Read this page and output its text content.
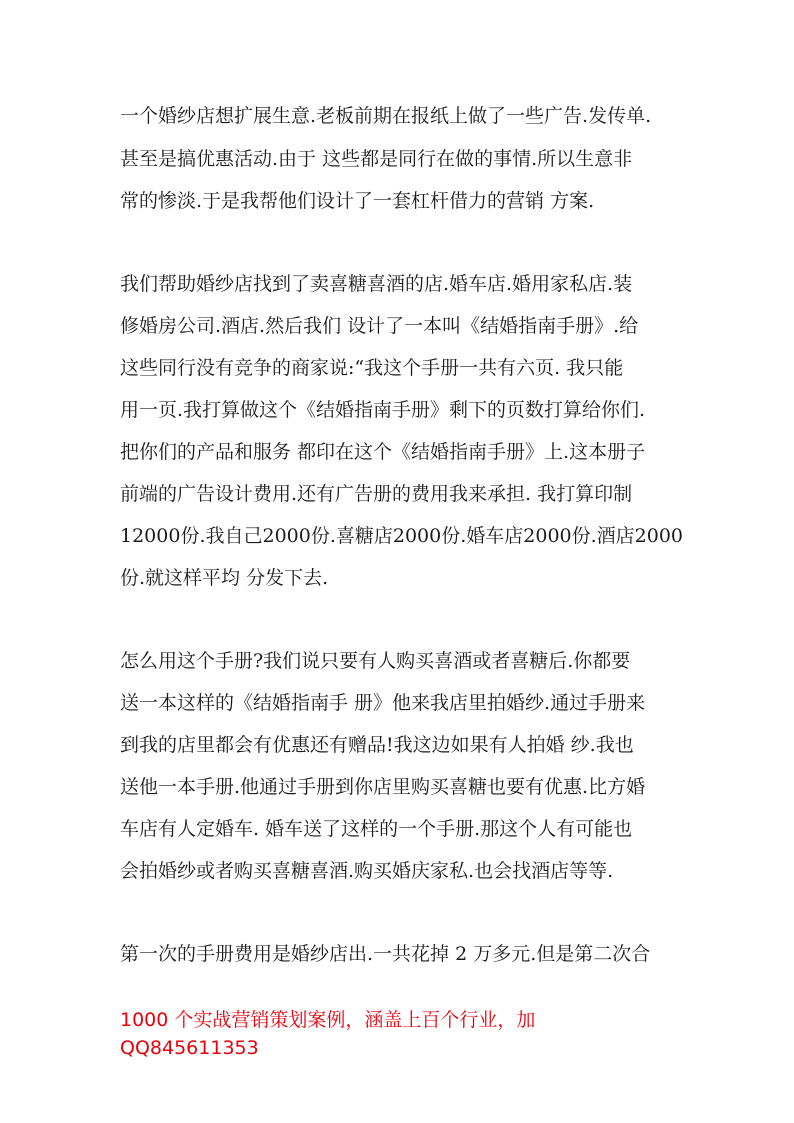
一个婚纱店想扩展生意.老板前期在报纸上做了一些广告.发传单.
甚至是搞优惠活动.由于 这些都是同行在做的事情.所以生意非
常的惨淡.于是我帮他们设计了一套杠杆借力的营销 方案.
我们帮助婚纱店找到了卖喜糖喜酒的店.婚车店.婚用家私店.装
修婚房公司.酒店.然后我们 设计了一本叫《结婚指南手册》.给
这些同行没有竞争的商家说:“我这个手册一共有六页. 我只能
用一页.我打算做这个《结婚指南手册》剩下的页数打算给你们.
把你们的产品和服务 都印在这个《结婚指南手册》上.这本册子
前端的广告设计费用.还有广告册的费用我来承担. 我打算印制
12000份.我自己2000份.喜糖店2000份.婚车店2000份.酒店2000
份.就这样平均 分发下去.
怎么用这个手册?我们说只要有人购买喜酒或者喜糖后.你都要
送一本这样的《结婚指南手 册》他来我店里拍婚纱.通过手册来
到我的店里都会有优惠还有赠品!我这边如果有人拍婚 纱.我也
送他一本手册.他通过手册到你店里购买喜糖也要有优惠.比方婚
车店有人定婚车. 婚车送了这样的一个手册.那这个人有可能也
会拍婚纱或者购买喜糖喜酒.购买婚庆家私.也会找酒店等等.
第一次的手册费用是婚纱店出.一共花掉 2 万多元.但是第二次合
1000 个实战营销策划案例，涵盖上百个行业，加
QQ845611353
